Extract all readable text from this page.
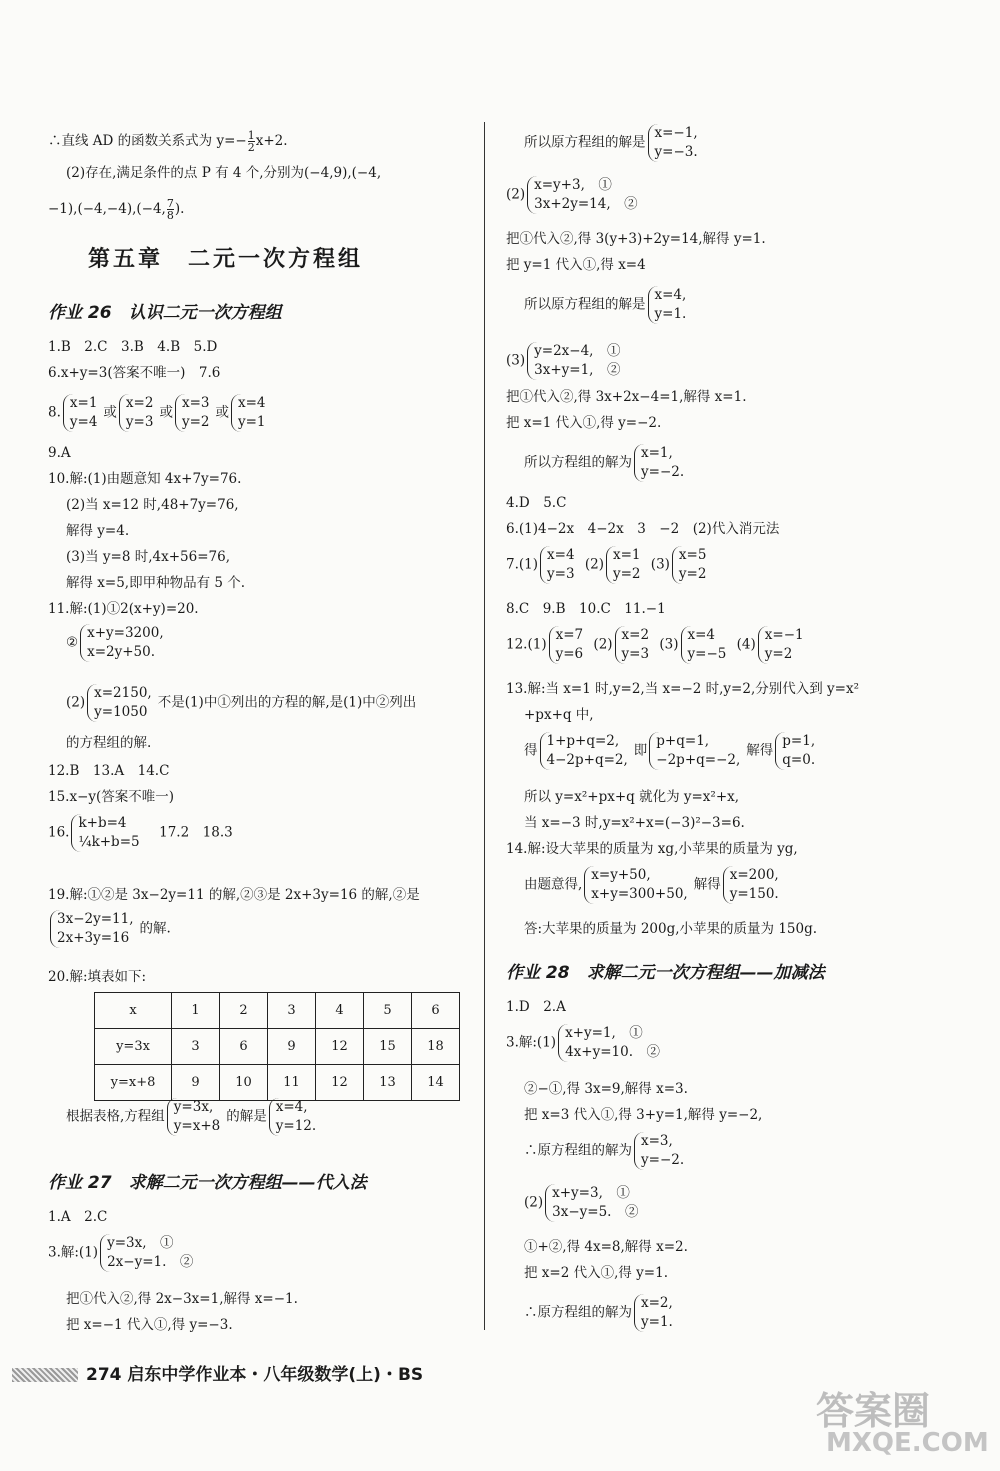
∴直线 AD 的函数关系式为 $y=- \frac{1}{2} x+2$.
(2)存在,满足条件的点 P 有 4 个,分别为(−4,9),(−4,
−1),(−4,−4),(−4, $\frac{7}{8}$ ).
第五章　二元一次方程组
作业 26　认识二元一次方程组
1.B　2.C　3.B　4.B　5.D
6.x+y=3(答案不唯一)　7.6
8.
x=1
y=4
或
x=2
y=3
或
x=3
y=2
或
x=4
y=1
9.A
10.解:(1)由题意知 4x+7y=76.
(2)当 x=12 时,48+7y=76,
解得 y=4.
(3)当 y=8 时,4x+56=76,
解得 x=5,即甲种物品有 5 个.
11.解:(1)①2(x+y)=20.
②
x+y=3200,
x=2y+50.
(2)
x=2150,
y=1050
不是(1)中①列出的方程的解,是(1)中②列出
的方程组的解.
12.B　13.A　14.C
15.x−y(答案不唯一)
16.
k+b=4
¼k+b=5
　17.2　18.3
19.解:①②是 3x−2y=11 的解,②③是 2x+3y=16 的解,②是
3x−2y=11,
2x+3y=16
的解.
20.解:填表如下:
x	1	2	3	4	5	6
y=3x	3	6	9	12	15	18
y=x+8	9	10	11	12	13	14
根据表格,方程组
y=3x,
y=x+8
的解是
x=4,
y=12.
作业 27　求解二元一次方程组——代入法
1.A　2.C
3.解:(1)
y=3x,　①
2x−y=1.　②
把①代入②,得 2x−3x=1,解得 x=−1.
把 x=−1 代入①,得 y=−3.
所以原方程组的解是
x=−1,
y=−3.
(2)
x=y+3,　①
3x+2y=14,　②
把①代入②,得 3(y+3)+2y=14,解得 y=1.
把 y=1 代入①,得 x=4
所以原方程组的解是
x=4,
y=1.
(3)
y=2x−4,　①
3x+y=1,　②
把①代入②,得 3x+2x−4=1,解得 x=1.
把 x=1 代入①,得 y=−2.
所以方程组的解为
x=1,
y=−2.
4.D　5.C
6.(1)4−2x　4−2x　3　−2　(2)代入消元法
7.(1)
x=4
y=3
(2)
x=1
y=2
(3)
x=5
y=2
8.C　9.B　10.C　11.−1
12.(1)
x=7
y=6
(2)
x=2
y=3
(3)
x=4
y=−5
(4)
x=−1
y=2
13.解:当 x=1 时,y=2,当 x=−2 时,y=2,分别代入到 y=x²
+px+q 中,
得
1+p+q=2,
4−2p+q=2,
即
p+q=1,
−2p+q=−2,
解得
p=1,
q=0.
所以 y=x²+px+q 就化为 y=x²+x,
当 x=−3 时,y=x²+x=(−3)²−3=6.
14.解:设大苹果的质量为 xg,小苹果的质量为 yg,
由题意得,
x=y+50,
x+y=300+50,
解得
x=200,
y=150.
答:大苹果的质量为 200g,小苹果的质量为 150g.
作业 28　求解二元一次方程组——加减法
1.D　2.A
3.解:(1)
x+y=1,　①
4x+y=10.　②
②−①,得 3x=9,解得 x=3.
把 x=3 代入①,得 3+y=1,解得 y=−2,
∴原方程组的解为
x=3,
y=−2.
(2)
x+y=3,　①
3x−y=5.　②
①+②,得 4x=8,解得 x=2.
把 x=2 代入①,得 y=1.
∴原方程组的解为
x=2,
y=1.
274 启东中学作业本・八年级数学(上)・BS
答案圈
MXQE.COM
